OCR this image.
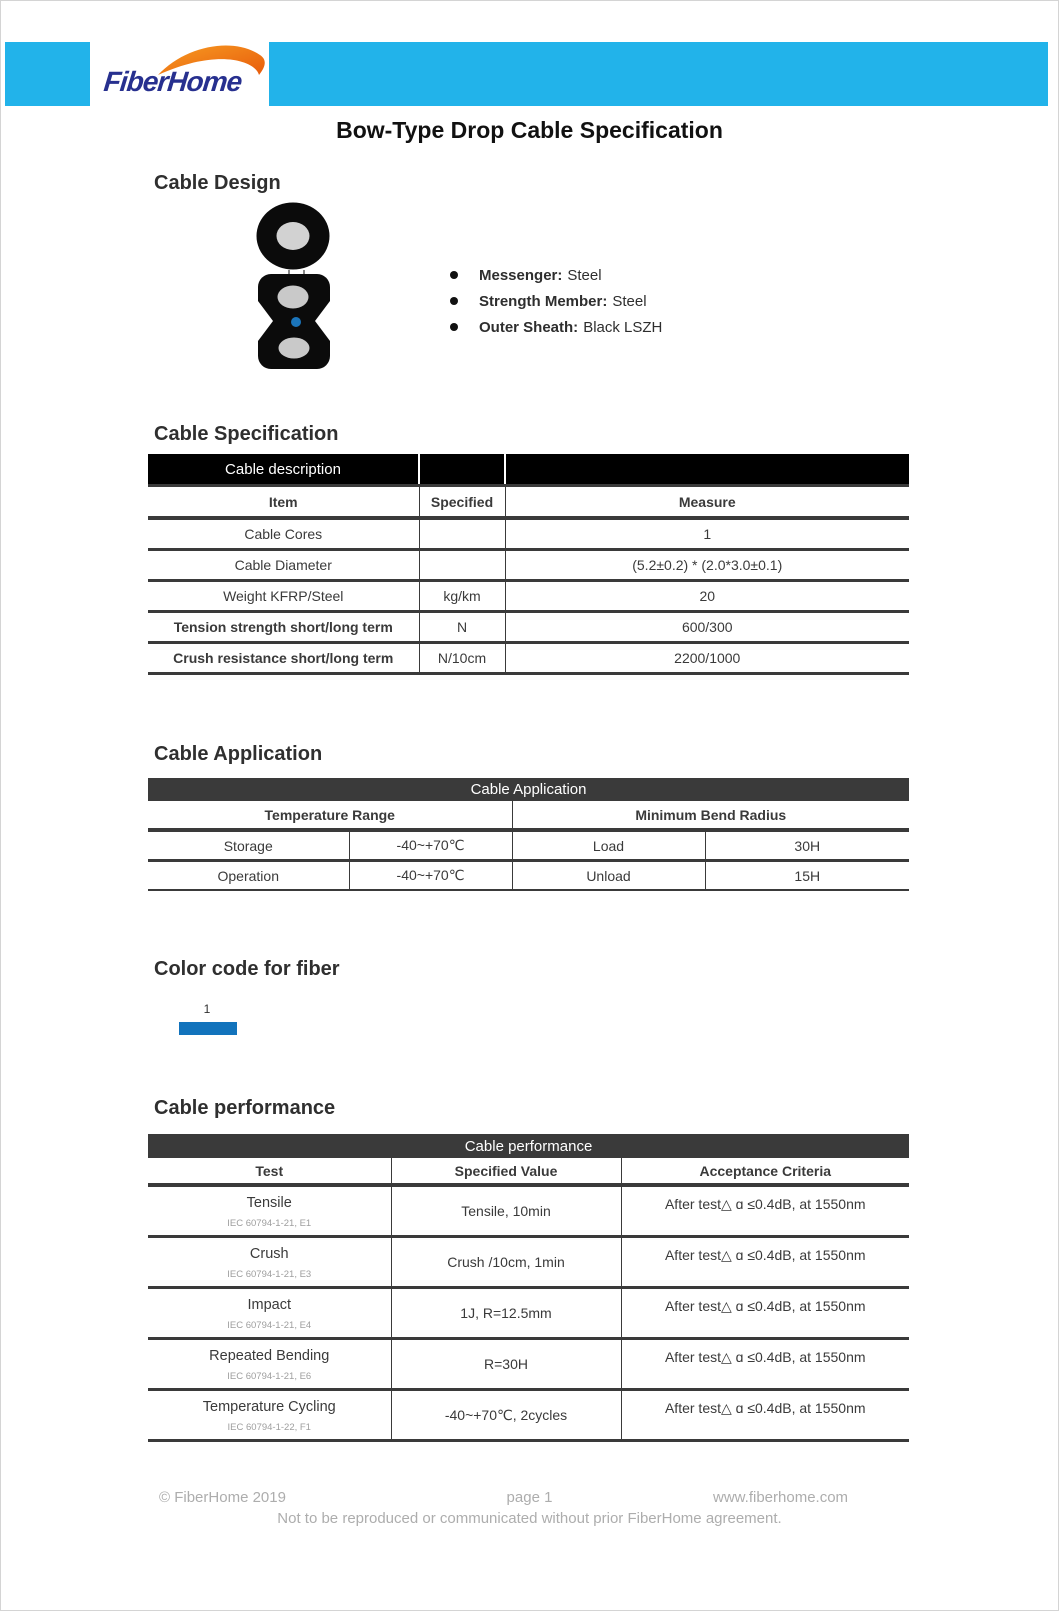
FiberHome
Bow-Type Drop Cable Specification
Cable Design
Messenger: Steel
Strength Member: Steel
Outer Sheath: Black LSZH
Cable Specification
Cable description		
Item	Specified	Measure
Cable Cores		1
Cable Diameter		(5.2±0.2) * (2.0*3.0±0.1)
Weight KFRP/Steel	kg/km	20
Tension strength short/long term	N	600/300
Crush resistance short/long term	N/10cm	2200/1000
Cable Application
Cable Application			
Temperature Range		Minimum Bend Radius	
Storage	-40~+70℃	Load	30H
Operation	-40~+70℃	Unload	15H
Color code for fiber
1
Cable performance
Cable performance		
Test	Specified Value	Acceptance Criteria

Tensile
IEC 60794-1-21, E1	Tensile, 10min	After test△ ɑ ≤0.4dB, at 1550nm

Crush
IEC 60794-1-21, E3	Crush /10cm, 1min	After test△ ɑ ≤0.4dB, at 1550nm

Impact
IEC 60794-1-21, E4	1J, R=12.5mm	After test△ ɑ ≤0.4dB, at 1550nm

Repeated Bending
IEC 60794-1-21, E6	R=30H	After test△ ɑ ≤0.4dB, at 1550nm

Temperature Cycling
IEC 60794-1-22, F1	-40~+70℃, 2cycles	After test△ ɑ ≤0.4dB, at 1550nm
© FiberHome 2019	page 1	www.fiberhome.com
Not to be reproduced or communicated without prior FiberHome agreement.
